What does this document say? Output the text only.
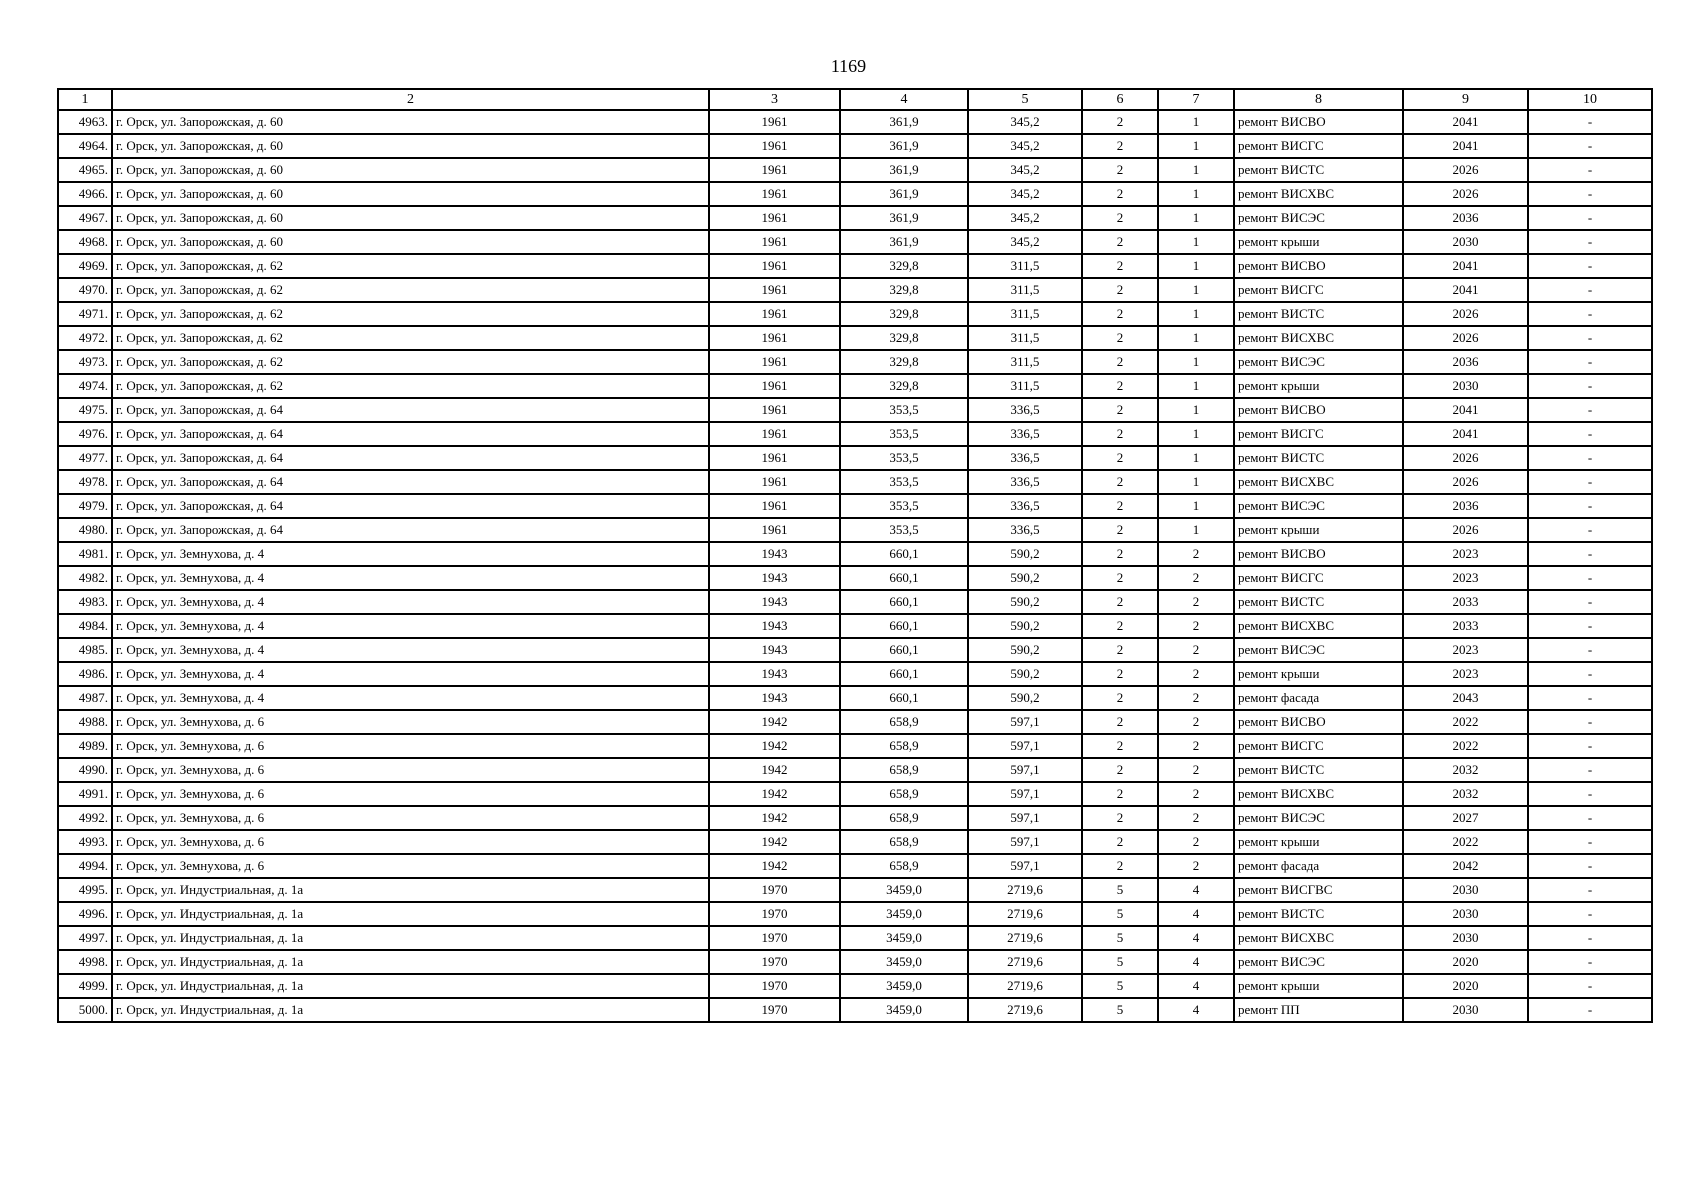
1169
1	2	3	4	5	6	7	8	9	10
4963.	г. Орск, ул. Запорожская, д. 60	1961	361,9	345,2	2	1	ремонт ВИСВО	2041	-
4964.	г. Орск, ул. Запорожская, д. 60	1961	361,9	345,2	2	1	ремонт ВИСГС	2041	-
4965.	г. Орск, ул. Запорожская, д. 60	1961	361,9	345,2	2	1	ремонт ВИСТС	2026	-
4966.	г. Орск, ул. Запорожская, д. 60	1961	361,9	345,2	2	1	ремонт ВИСХВС	2026	-
4967.	г. Орск, ул. Запорожская, д. 60	1961	361,9	345,2	2	1	ремонт ВИСЭС	2036	-
4968.	г. Орск, ул. Запорожская, д. 60	1961	361,9	345,2	2	1	ремонт крыши	2030	-
4969.	г. Орск, ул. Запорожская, д. 62	1961	329,8	311,5	2	1	ремонт ВИСВО	2041	-
4970.	г. Орск, ул. Запорожская, д. 62	1961	329,8	311,5	2	1	ремонт ВИСГС	2041	-
4971.	г. Орск, ул. Запорожская, д. 62	1961	329,8	311,5	2	1	ремонт ВИСТС	2026	-
4972.	г. Орск, ул. Запорожская, д. 62	1961	329,8	311,5	2	1	ремонт ВИСХВС	2026	-
4973.	г. Орск, ул. Запорожская, д. 62	1961	329,8	311,5	2	1	ремонт ВИСЭС	2036	-
4974.	г. Орск, ул. Запорожская, д. 62	1961	329,8	311,5	2	1	ремонт крыши	2030	-
4975.	г. Орск, ул. Запорожская, д. 64	1961	353,5	336,5	2	1	ремонт ВИСВО	2041	-
4976.	г. Орск, ул. Запорожская, д. 64	1961	353,5	336,5	2	1	ремонт ВИСГС	2041	-
4977.	г. Орск, ул. Запорожская, д. 64	1961	353,5	336,5	2	1	ремонт ВИСТС	2026	-
4978.	г. Орск, ул. Запорожская, д. 64	1961	353,5	336,5	2	1	ремонт ВИСХВС	2026	-
4979.	г. Орск, ул. Запорожская, д. 64	1961	353,5	336,5	2	1	ремонт ВИСЭС	2036	-
4980.	г. Орск, ул. Запорожская, д. 64	1961	353,5	336,5	2	1	ремонт крыши	2026	-
4981.	г. Орск, ул. Земнухова, д. 4	1943	660,1	590,2	2	2	ремонт ВИСВО	2023	-
4982.	г. Орск, ул. Земнухова, д. 4	1943	660,1	590,2	2	2	ремонт ВИСГС	2023	-
4983.	г. Орск, ул. Земнухова, д. 4	1943	660,1	590,2	2	2	ремонт ВИСТС	2033	-
4984.	г. Орск, ул. Земнухова, д. 4	1943	660,1	590,2	2	2	ремонт ВИСХВС	2033	-
4985.	г. Орск, ул. Земнухова, д. 4	1943	660,1	590,2	2	2	ремонт ВИСЭС	2023	-
4986.	г. Орск, ул. Земнухова, д. 4	1943	660,1	590,2	2	2	ремонт крыши	2023	-
4987.	г. Орск, ул. Земнухова, д. 4	1943	660,1	590,2	2	2	ремонт фасада	2043	-
4988.	г. Орск, ул. Земнухова, д. 6	1942	658,9	597,1	2	2	ремонт ВИСВО	2022	-
4989.	г. Орск, ул. Земнухова, д. 6	1942	658,9	597,1	2	2	ремонт ВИСГС	2022	-
4990.	г. Орск, ул. Земнухова, д. 6	1942	658,9	597,1	2	2	ремонт ВИСТС	2032	-
4991.	г. Орск, ул. Земнухова, д. 6	1942	658,9	597,1	2	2	ремонт ВИСХВС	2032	-
4992.	г. Орск, ул. Земнухова, д. 6	1942	658,9	597,1	2	2	ремонт ВИСЭС	2027	-
4993.	г. Орск, ул. Земнухова, д. 6	1942	658,9	597,1	2	2	ремонт крыши	2022	-
4994.	г. Орск, ул. Земнухова, д. 6	1942	658,9	597,1	2	2	ремонт фасада	2042	-
4995.	г. Орск, ул. Индустриальная, д. 1а	1970	3459,0	2719,6	5	4	ремонт ВИСГВС	2030	-
4996.	г. Орск, ул. Индустриальная, д. 1а	1970	3459,0	2719,6	5	4	ремонт ВИСТС	2030	-
4997.	г. Орск, ул. Индустриальная, д. 1а	1970	3459,0	2719,6	5	4	ремонт ВИСХВС	2030	-
4998.	г. Орск, ул. Индустриальная, д. 1а	1970	3459,0	2719,6	5	4	ремонт ВИСЭС	2020	-
4999.	г. Орск, ул. Индустриальная, д. 1а	1970	3459,0	2719,6	5	4	ремонт крыши	2020	-
5000.	г. Орск, ул. Индустриальная, д. 1а	1970	3459,0	2719,6	5	4	ремонт ПП	2030	-
